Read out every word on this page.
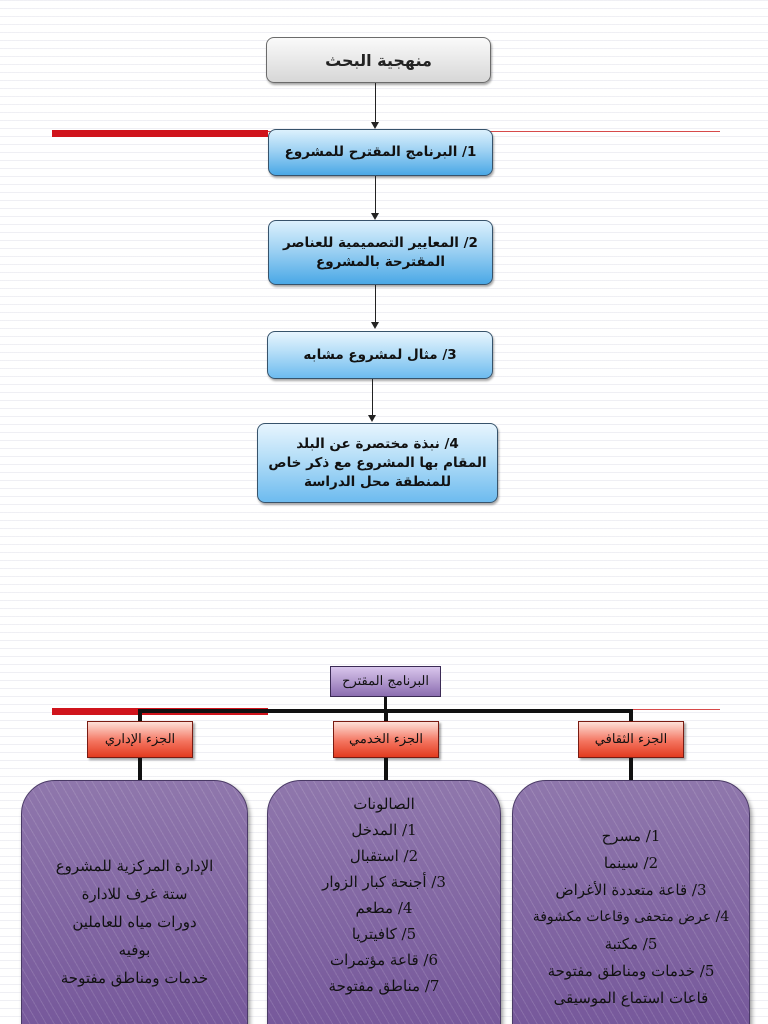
منهجية البحث
1/ البرنامج المقترح للمشروع
2/ المعايير التصميمية للعناصر
المقترحة بالمشروع
3/ مثال لمشروع مشابه
4/ نبذة مختصرة عن البلد
المقام بها المشروع مع ذكر خاص
للمنطقة محل الدراسة
البرنامج المقترح
الجزء الإداري	الجزء الخدمي	الجزء الثقافي
الإدارة المركزية للمشروع
ستة غرف للادارة
دورات مياه للعاملين
بوفيه
خدمات ومناطق مفتوحة
الصالونات
1/ المدخل
2/ استقبال
3/ أجنحة كبار الزوار
4/ مطعم
5/ كافيتريا
6/ قاعة مؤتمرات
7/ مناطق مفتوحة
1/ مسرح
2/ سينما
3/ قاعة متعددة الأغراض
4/ عرض متحفى وقاعات مكشوفة
5/ مكتبة
5/ خدمات ومناطق مفتوحة
قاعات استماع الموسيقى
